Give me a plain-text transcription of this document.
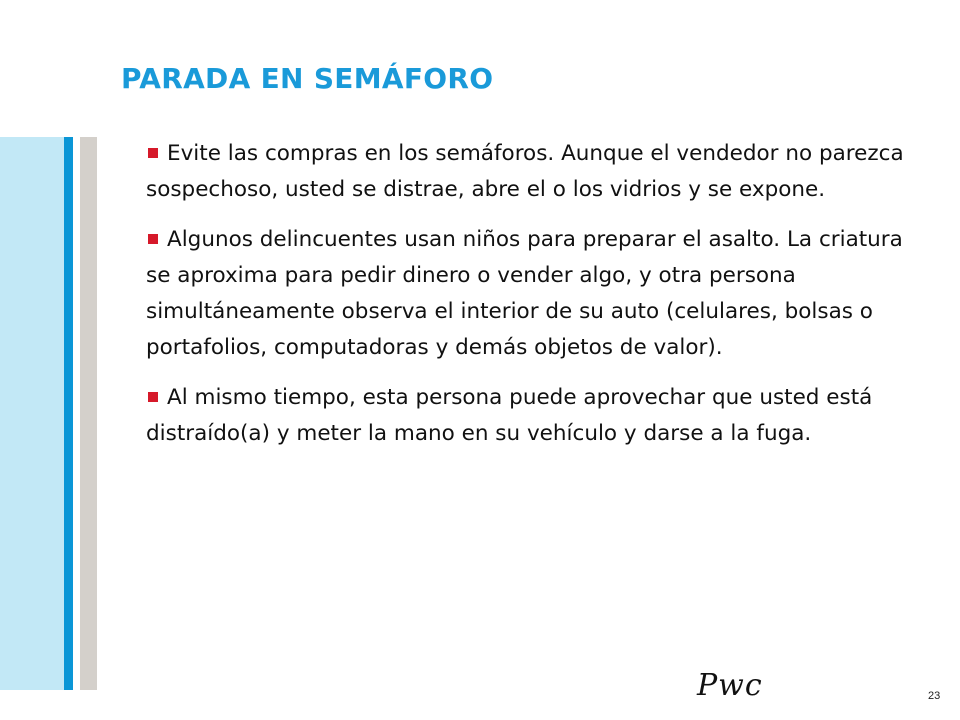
PARADA EN SEMÁFORO

Evite las compras en los semáforos. Aunque el vendedor no parezca sospechoso, usted se distrae, abre el o los vidrios y se expone.

Algunos delincuentes usan niños para preparar el asalto. La criatura se aproxima para pedir dinero o vender algo, y otra persona simultáneamente observa el interior de su auto (celulares, bolsas o portafolios, computadoras y demás objetos de valor).

Al mismo tiempo, esta persona puede aprovechar que usted está distraído(a) y meter la mano en su vehículo y darse a la fuga.

Pwc	23
